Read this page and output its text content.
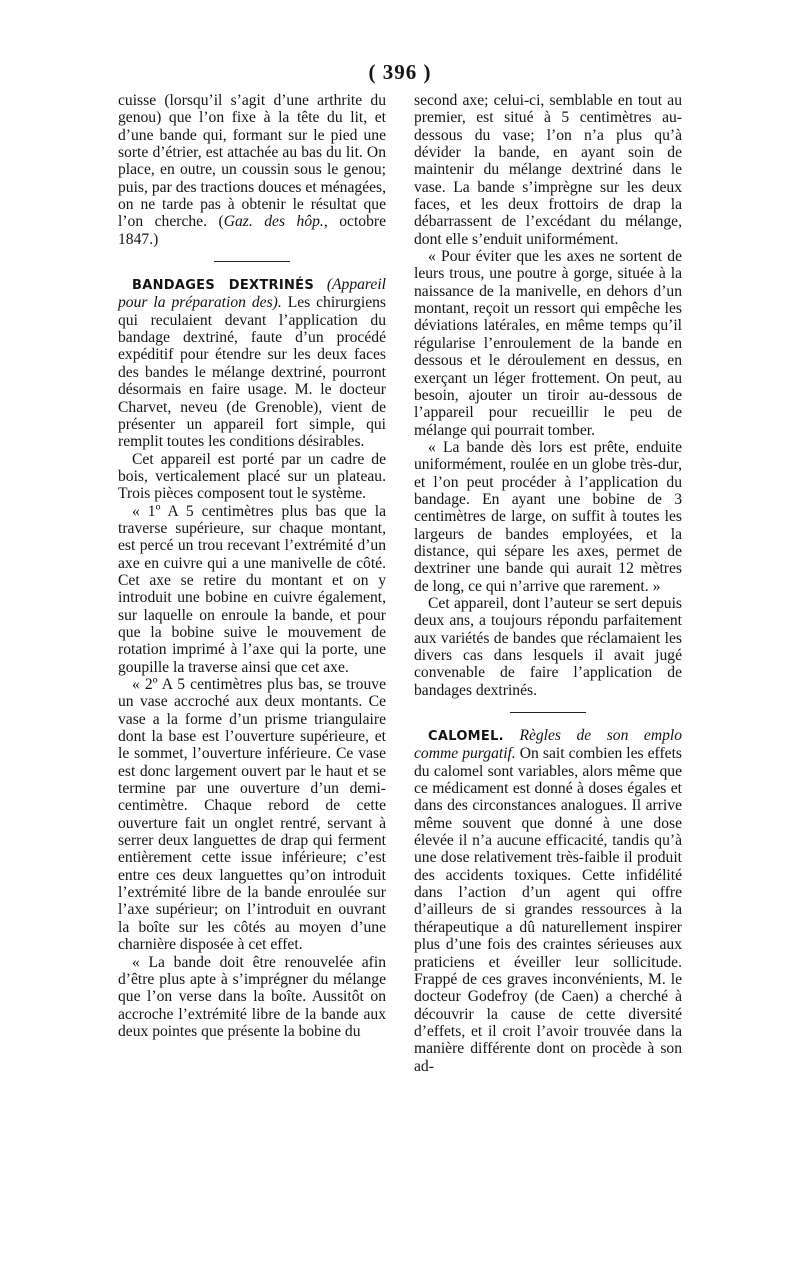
( 396 )

cuisse (lorsqu’il s’agit d’une arthrite du genou) que l’on fixe à la tête du lit, et d’une bande qui, formant sur le pied une sorte d’étrier, est attachée au bas du lit. On place, en outre, un coussin sous le genou; puis, par des tractions douces et ménagées, on ne tarde pas à obtenir le résultat que l’on cherche. (Gaz. des hôp., octobre 1847.)

BANDAGES DEXTRINÉS (Appareil pour la préparation des). Les chirurgiens qui reculaient devant l’application du bandage dextriné, faute d’un procédé expéditif pour étendre sur les deux faces des bandes le mélange dextriné, pourront désormais en faire usage. M. le docteur Charvet, neveu (de Grenoble), vient de présenter un appareil fort simple, qui remplit toutes les conditions désirables.

Cet appareil est porté par un cadre de bois, verticalement placé sur un plateau. Trois pièces composent tout le système.

« 1º A 5 centimètres plus bas que la traverse supérieure, sur chaque montant, est percé un trou recevant l’extrémité d’un axe en cuivre qui a une manivelle de côté. Cet axe se retire du montant et on y introduit une bobine en cuivre également, sur laquelle on enroule la bande, et pour que la bobine suive le mouvement de rotation imprimé à l’axe qui la porte, une goupille la traverse ainsi que cet axe.

« 2º A 5 centimètres plus bas, se trouve un vase accroché aux deux montants. Ce vase a la forme d’un prisme triangulaire dont la base est l’ouverture supérieure, et le sommet, l’ouverture inférieure. Ce vase est donc largement ouvert par le haut et se termine par une ouverture d’un demi-centimètre. Chaque rebord de cette ouverture fait un onglet rentré, servant à serrer deux languettes de drap qui ferment entièrement cette issue inférieure; c’est entre ces deux languettes qu’on introduit l’extrémité libre de la bande enroulée sur l’axe supérieur; on l’introduit en ouvrant la boîte sur les côtés au moyen d’une charnière disposée à cet effet.

« La bande doit être renouvelée afin d’être plus apte à s’imprégner du mélange que l’on verse dans la boîte. Aussitôt on accroche l’extrémité libre de la bande aux deux pointes que présente la bobine du

second axe; celui-ci, semblable en tout au premier, est situé à 5 centimètres au-dessous du vase; l’on n’a plus qu’à dévider la bande, en ayant soin de maintenir du mélange dextriné dans le vase. La bande s’imprègne sur les deux faces, et les deux frottoirs de drap la débarrassent de l’excédant du mélange, dont elle s’enduit uniformément.

« Pour éviter que les axes ne sortent de leurs trous, une poutre à gorge, située à la naissance de la manivelle, en dehors d’un montant, reçoit un ressort qui empêche les déviations latérales, en même temps qu’il régularise l’enroulement de la bande en dessous et le déroulement en dessus, en exerçant un léger frottement. On peut, au besoin, ajouter un tiroir au-dessous de l’appareil pour recueillir le peu de mélange qui pourrait tomber.

« La bande dès lors est prête, enduite uniformément, roulée en un globe très-dur, et l’on peut procéder à l’application du bandage. En ayant une bobine de 3 centimètres de large, on suffit à toutes les largeurs de bandes employées, et la distance, qui sépare les axes, permet de dextriner une bande qui aurait 12 mètres de long, ce qui n’arrive que rarement. »

Cet appareil, dont l’auteur se sert depuis deux ans, a toujours répondu parfaitement aux variétés de bandes que réclamaient les divers cas dans lesquels il avait jugé convenable de faire l’application de bandages dextrinés.

CALOMEL. Règles de son emplo comme purgatif. On sait combien les effets du calomel sont variables, alors même que ce médicament est donné à doses égales et dans des circonstances analogues. Il arrive même souvent que donné à une dose élevée il n’a aucune efficacité, tandis qu’à une dose relativement très-faible il produit des accidents toxiques. Cette infidélité dans l’action d’un agent qui offre d’ailleurs de si grandes ressources à la thérapeutique a dû naturellement inspirer plus d’une fois des craintes sérieuses aux praticiens et éveiller leur sollicitude. Frappé de ces graves inconvénients, M. le docteur Godefroy (de Caen) a cherché à découvrir la cause de cette diversité d’effets, et il croit l’avoir trouvée dans la manière différente dont on procède à son ad-
